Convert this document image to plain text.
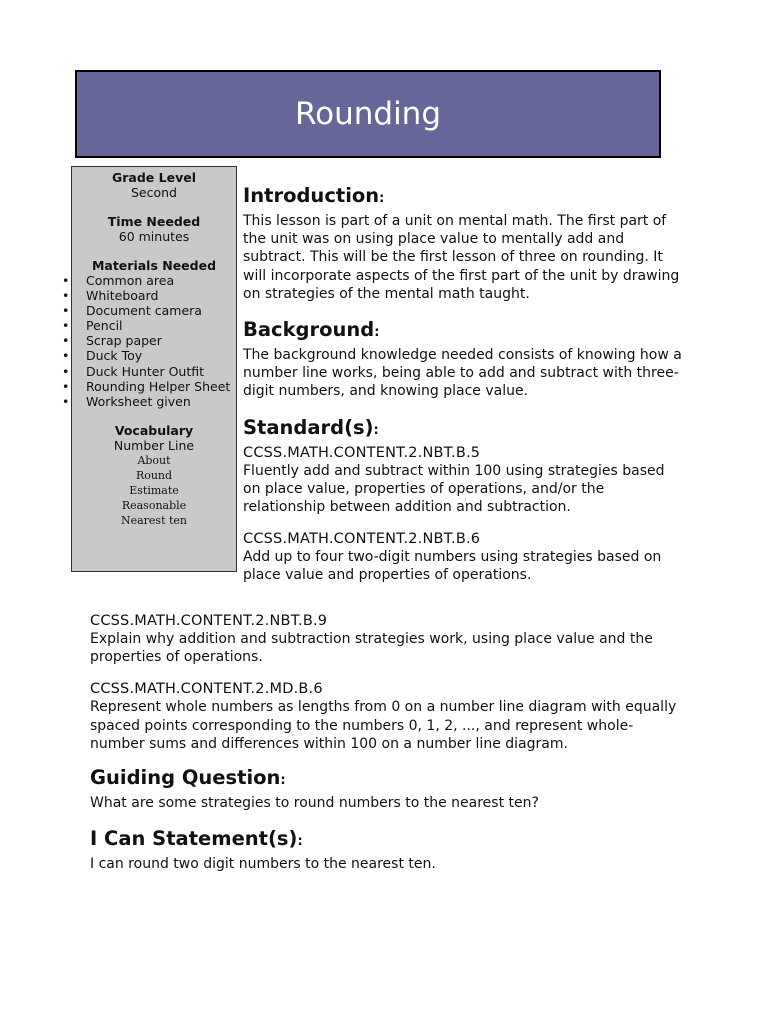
Rounding
Grade Level
Second
Time Needed
60 minutes
Materials Needed
• Common area
• Whiteboard
• Document camera
• Pencil
• Scrap paper
• Duck Toy
• Duck Hunter Outfit
• Rounding Helper Sheet
• Worksheet given
Vocabulary
Number Line
About
Round
Estimate
Reasonable
Nearest ten
Introduction:

This lesson is part of a unit on mental math. The first part of the unit was on using place value to mentally add and subtract. This will be the first lesson of three on rounding. It will incorporate aspects of the first part of the unit by drawing on strategies of the mental math taught.

Background:

The background knowledge needed consists of knowing how a number line works, being able to add and subtract with three-digit numbers, and knowing place value.

Standard(s):

CCSS.MATH.CONTENT.2.NBT.B.5

Fluently add and subtract within 100 using strategies based on place value, properties of operations, and/or the relationship between addition and subtraction.

CCSS.MATH.CONTENT.2.NBT.B.6

Add up to four two-digit numbers using strategies based on place value and properties of operations.

CCSS.MATH.CONTENT.2.NBT.B.9

Explain why addition and subtraction strategies work, using place value and the properties of operations.

CCSS.MATH.CONTENT.2.MD.B.6

Represent whole numbers as lengths from 0 on a number line diagram with equally spaced points corresponding to the numbers 0, 1, 2, ..., and represent whole-number sums and differences within 100 on a number line diagram.

Guiding Question:

What are some strategies to round numbers to the nearest ten?

I Can Statement(s):

I can round two digit numbers to the nearest ten.
